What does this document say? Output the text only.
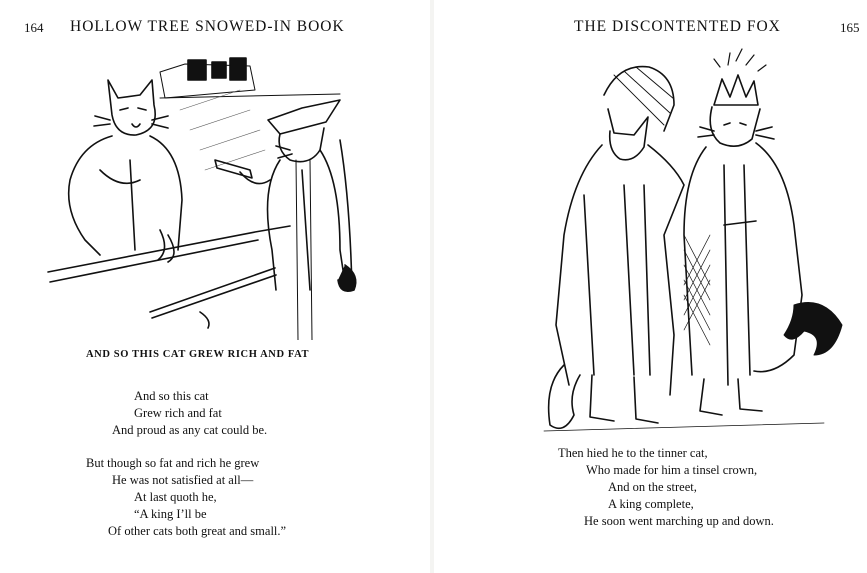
164 HOLLOW TREE SNOWED-IN BOOK
AND SO THIS CAT GREW RICH AND FAT
And so this cat
Grew rich and fat
And proud as any cat could be.
But though so fat and rich he grew
He was not satisfied at all—
At last quoth he,
“A king I’ll be
Of other cats both great and small.”
THE DISCONTENTED FOX	165
Then hied he to the tinner cat,
Who made for him a tinsel crown,
And on the street,
A king complete,
He soon went marching up and down.
